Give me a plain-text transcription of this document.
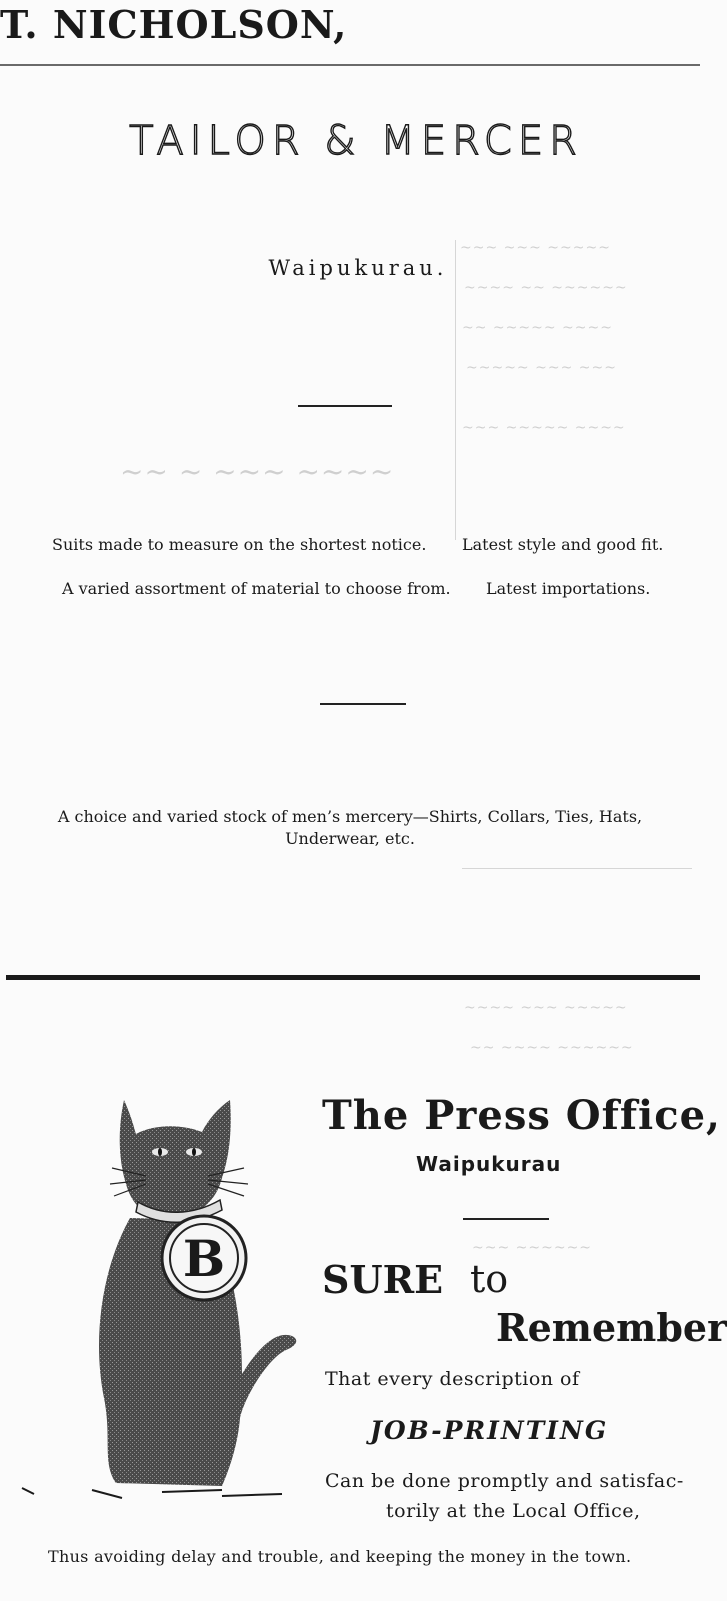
~~~ ~~~ ~~~~~
~~~~ ~~ ~~~~~~
~~ ~~~~~ ~~~~
~~~~~ ~~~ ~~~
~~~ ~~~~~ ~~~~
~~ ~ ~~~ ~~~~
~~~~ ~~~ ~~~~~
~~ ~~~~ ~~~~~~
~~~ ~~~~~~
T. NICHOLSON,
TAILOR & MERCER
Waipukurau.
Suits made to measure on the shortest notice. Latest style and good fit.
A varied assortment of material to choose from. Latest importations.
A choice and varied stock of men’s mercery—Shirts, Collars, Ties, Hats,
Underwear, etc.
B
The Press Office,
Waipukurau
SURE to
Remember
That every description of
JOB-PRINTING
Can be done promptly and satisfac-
torily at the Local Office,
Thus avoiding delay and trouble, and keeping the money in the town.
